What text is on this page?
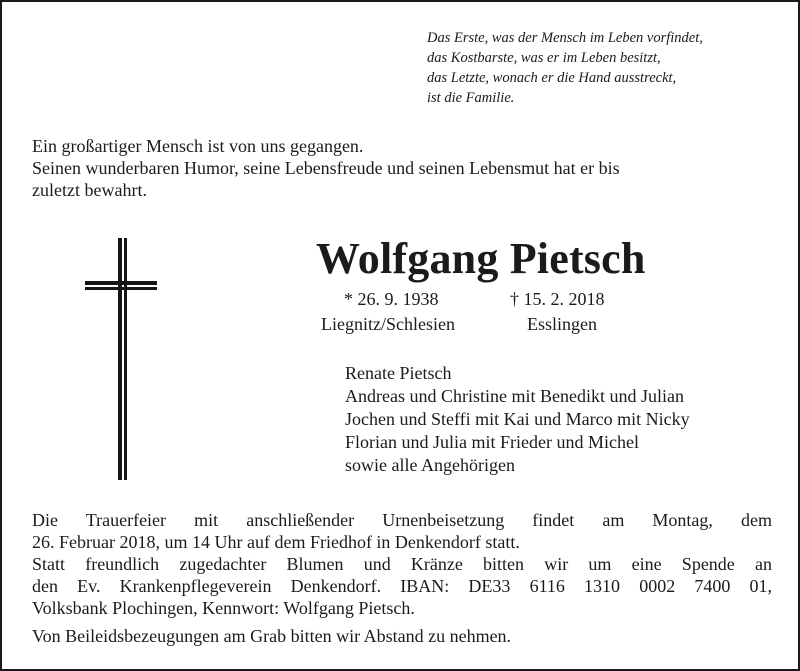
Das Erste, was der Mensch im Leben vorfindet,
das Kostbarste, was er im Leben besitzt,
das Letzte, wonach er die Hand ausstreckt,
ist die Familie.
Ein großartiger Mensch ist von uns gegangen.
Seinen wunderbaren Humor, seine Lebensfreude und seinen Lebensmut hat er bis
zuletzt bewahrt.
Wolfgang Pietsch
* 26. 9. 1938
Liegnitz/Schlesien
† 15. 2. 2018
Esslingen
Renate Pietsch
Andreas und Christine mit Benedikt und Julian
Jochen und Steffi mit Kai und Marco mit Nicky
Florian und Julia mit Frieder und Michel
sowie alle Angehörigen
Die Trauerfeier mit anschließender Urnenbeisetzung findet am Montag, dem
26. Februar 2018, um 14 Uhr auf dem Friedhof in Denkendorf statt.
Statt freundlich zugedachter Blumen und Kränze bitten wir um eine Spende an
den Ev. Krankenpflegeverein Denkendorf. IBAN: DE33 6116 1310 0002 7400 01,
Volksbank Plochingen, Kennwort: Wolfgang Pietsch.
Von Beileidsbezeugungen am Grab bitten wir Abstand zu nehmen.
